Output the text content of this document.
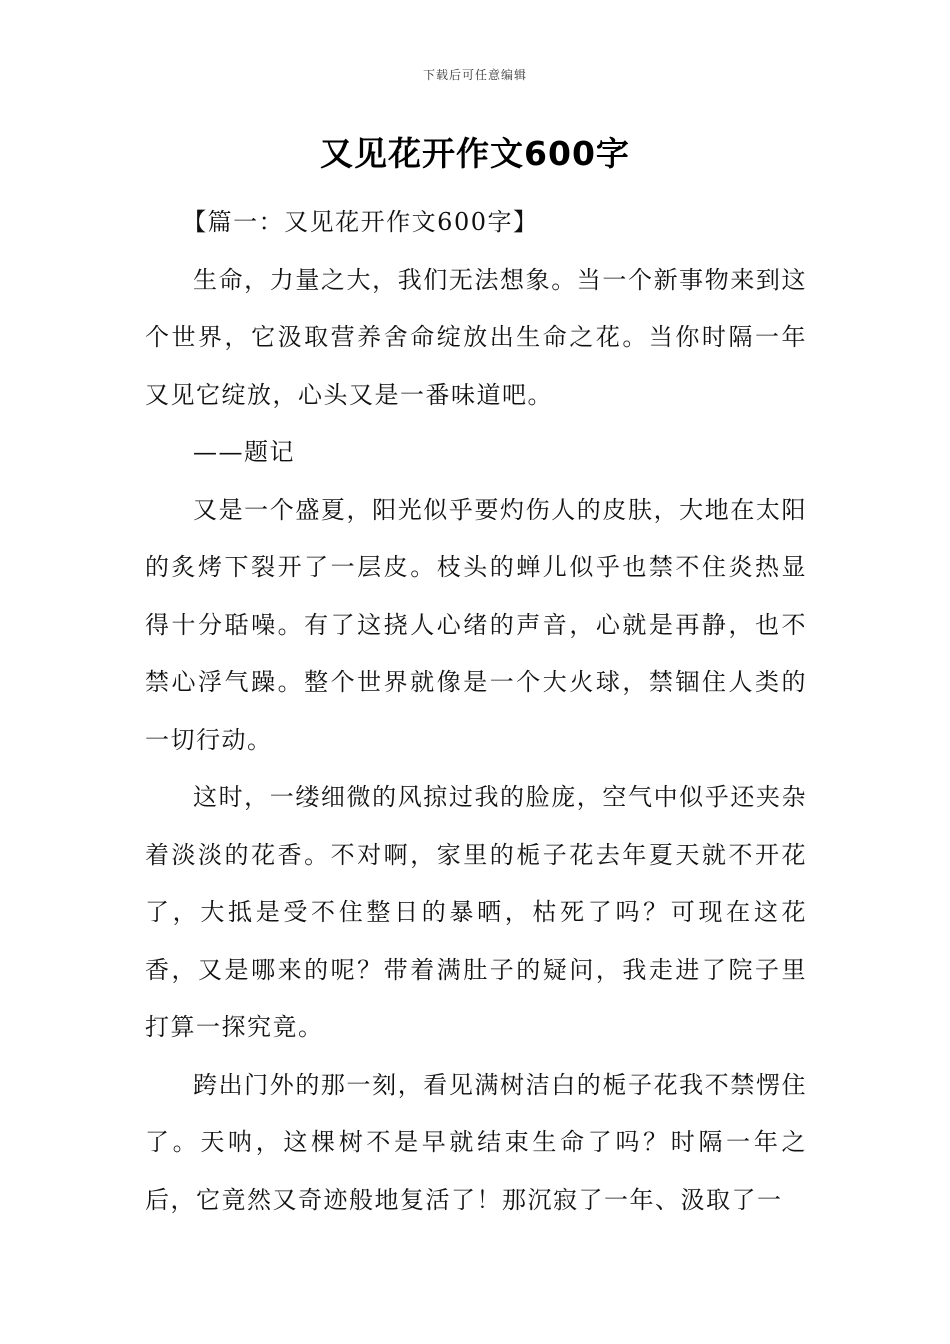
下载后可任意编辑
又见花开作文600字

【篇一：又见花开作文600字】

生命，力量之大，我们无法想象。当一个新事物来到这个世界，它汲取营养舍命绽放出生命之花。当你时隔一年又见它绽放，心头又是一番味道吧。

——题记

又是一个盛夏，阳光似乎要灼伤人的皮肤，大地在太阳的炙烤下裂开了一层皮。枝头的蝉儿似乎也禁不住炎热显得十分聒噪。有了这挠人心绪的声音，心就是再静，也不禁心浮气躁。整个世界就像是一个大火球，禁锢住人类的一切行动。

这时，一缕细微的风掠过我的脸庞，空气中似乎还夹杂着淡淡的花香。不对啊，家里的栀子花去年夏天就不开花了，大抵是受不住整日的暴晒，枯死了吗？可现在这花香，又是哪来的呢？带着满肚子的疑问，我走进了院子里打算一探究竟。

跨出门外的那一刻，看见满树洁白的栀子花我不禁愣住了。天呐，这棵树不是早就结束生命了吗？时隔一年之后，它竟然又奇迹般地复活了！那沉寂了一年、汲取了一
